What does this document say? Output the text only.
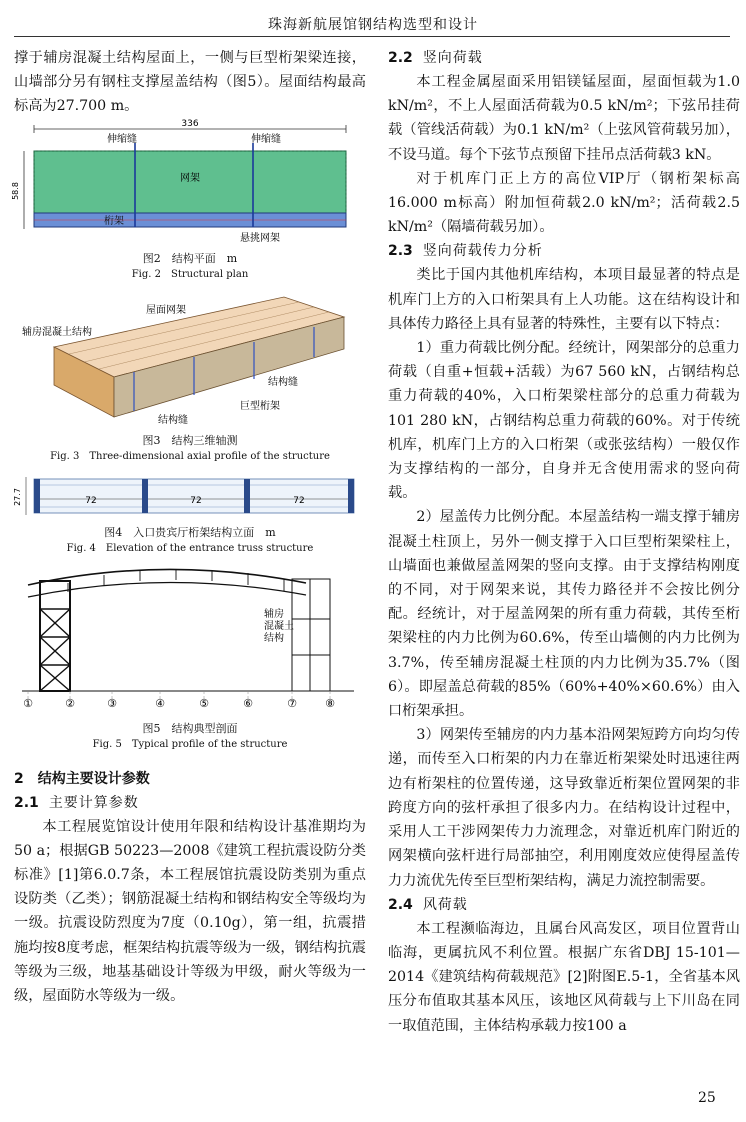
珠海新航展馆钢结构选型和设计

撑于辅房混凝土结构屋面上，一侧与巨型桁架梁连接，山墙部分另有钢柱支撑屋盖结构（图5）。屋面结构最高标高为27.700 m。

336
58.8
伸缩缝	伸缩缝
网架
桁架
悬挑网架

图2　结构平面　m

Fig. 2　Structural plan

屋面网架
辅房混凝土结构
结构缝
巨型桁架
结构缝

图3　结构三维轴测

Fig. 3　Three-dimensional axial profile of the structure

27.7	72	72	72

图4　入口贵宾厅桁架结构立面　m

Fig. 4　Elevation of the entrance truss structure

辅房混凝土结构
①	②	③	④	⑤	⑥	⑦	⑧

图5　结构典型剖面

Fig. 5　Typical profile of the structure

2　结构主要设计参数

2.1 主要计算参数

本工程展览馆设计使用年限和结构设计基准期均为50 a；根据GB 50223—2008《建筑工程抗震设防分类标准》[1]第6.0.7条，本工程展馆抗震设防类别为重点设防类（乙类）；钢筋混凝土结构和钢结构安全等级均为一级。抗震设防烈度为7度（0.10g），第一组，抗震措施均按8度考虑，框架结构抗震等级为一级，钢结构抗震等级为三级，地基基础设计等级为甲级，耐火等级为一级，屋面防水等级为一级。

2.2 竖向荷载

本工程金属屋面采用铝镁锰屋面，屋面恒载为1.0 kN/m²，不上人屋面活荷载为0.5 kN/m²；下弦吊挂荷载（管线活荷载）为0.1 kN/m²（上弦风管荷载另加），不设马道。每个下弦节点预留下挂吊点活荷载3 kN。

对于机库门正上方的高位VIP厅（钢桁架标高16.000 m标高）附加恒荷载2.0 kN/m²；活荷载2.5 kN/m²（隔墙荷载另加）。

2.3 竖向荷载传力分析

类比于国内其他机库结构，本项目最显著的特点是机库门上方的入口桁架具有上人功能。这在结构设计和具体传力路径上具有显著的特殊性，主要有以下特点：

1）重力荷载比例分配。经统计，网架部分的总重力荷载（自重+恒载+活载）为67 560 kN，占钢结构总重力荷载的40%，入口桁架梁柱部分的总重力荷载为101 280 kN，占钢结构总重力荷载的60%。对于传统机库，机库门上方的入口桁架（或张弦结构）一般仅作为支撑结构的一部分，自身并无含使用需求的竖向荷载。

2）屋盖传力比例分配。本屋盖结构一端支撑于辅房混凝土柱顶上，另外一侧支撑于入口巨型桁架梁柱上，山墙面也兼做屋盖网架的竖向支撑。由于支撑结构刚度的不同，对于网架来说，其传力路径并不会按比例分配。经统计，对于屋盖网架的所有重力荷载，其传至桁架梁柱的内力比例为60.6%，传至山墙侧的内力比例为3.7%，传至辅房混凝土柱顶的内力比例为35.7%（图6）。即屋盖总荷载的85%（60%+40%×60.6%）由入口桁架承担。

3）网架传至辅房的内力基本沿网架短跨方向均匀传递，而传至入口桁架的内力在靠近桁架梁处时迅速往两边有桁架柱的位置传递，这导致靠近桁架位置网架的非跨度方向的弦杆承担了很多内力。在结构设计过程中，采用人工干涉网架传力力流理念，对靠近机库门附近的网架横向弦杆进行局部抽空，利用刚度效应使得屋盖传力力流优先传至巨型桁架结构，满足力流控制需要。

2.4 风荷载

本工程濒临海边，且属台风高发区，项目位置背山临海，更属抗风不利位置。根据广东省DBJ 15-101—2014《建筑结构荷载规范》[2]附图E.5-1，全省基本风压分布值取其基本风压，该地区风荷载与上下川岛在同一取值范围，主体结构承载力按100 a

25
